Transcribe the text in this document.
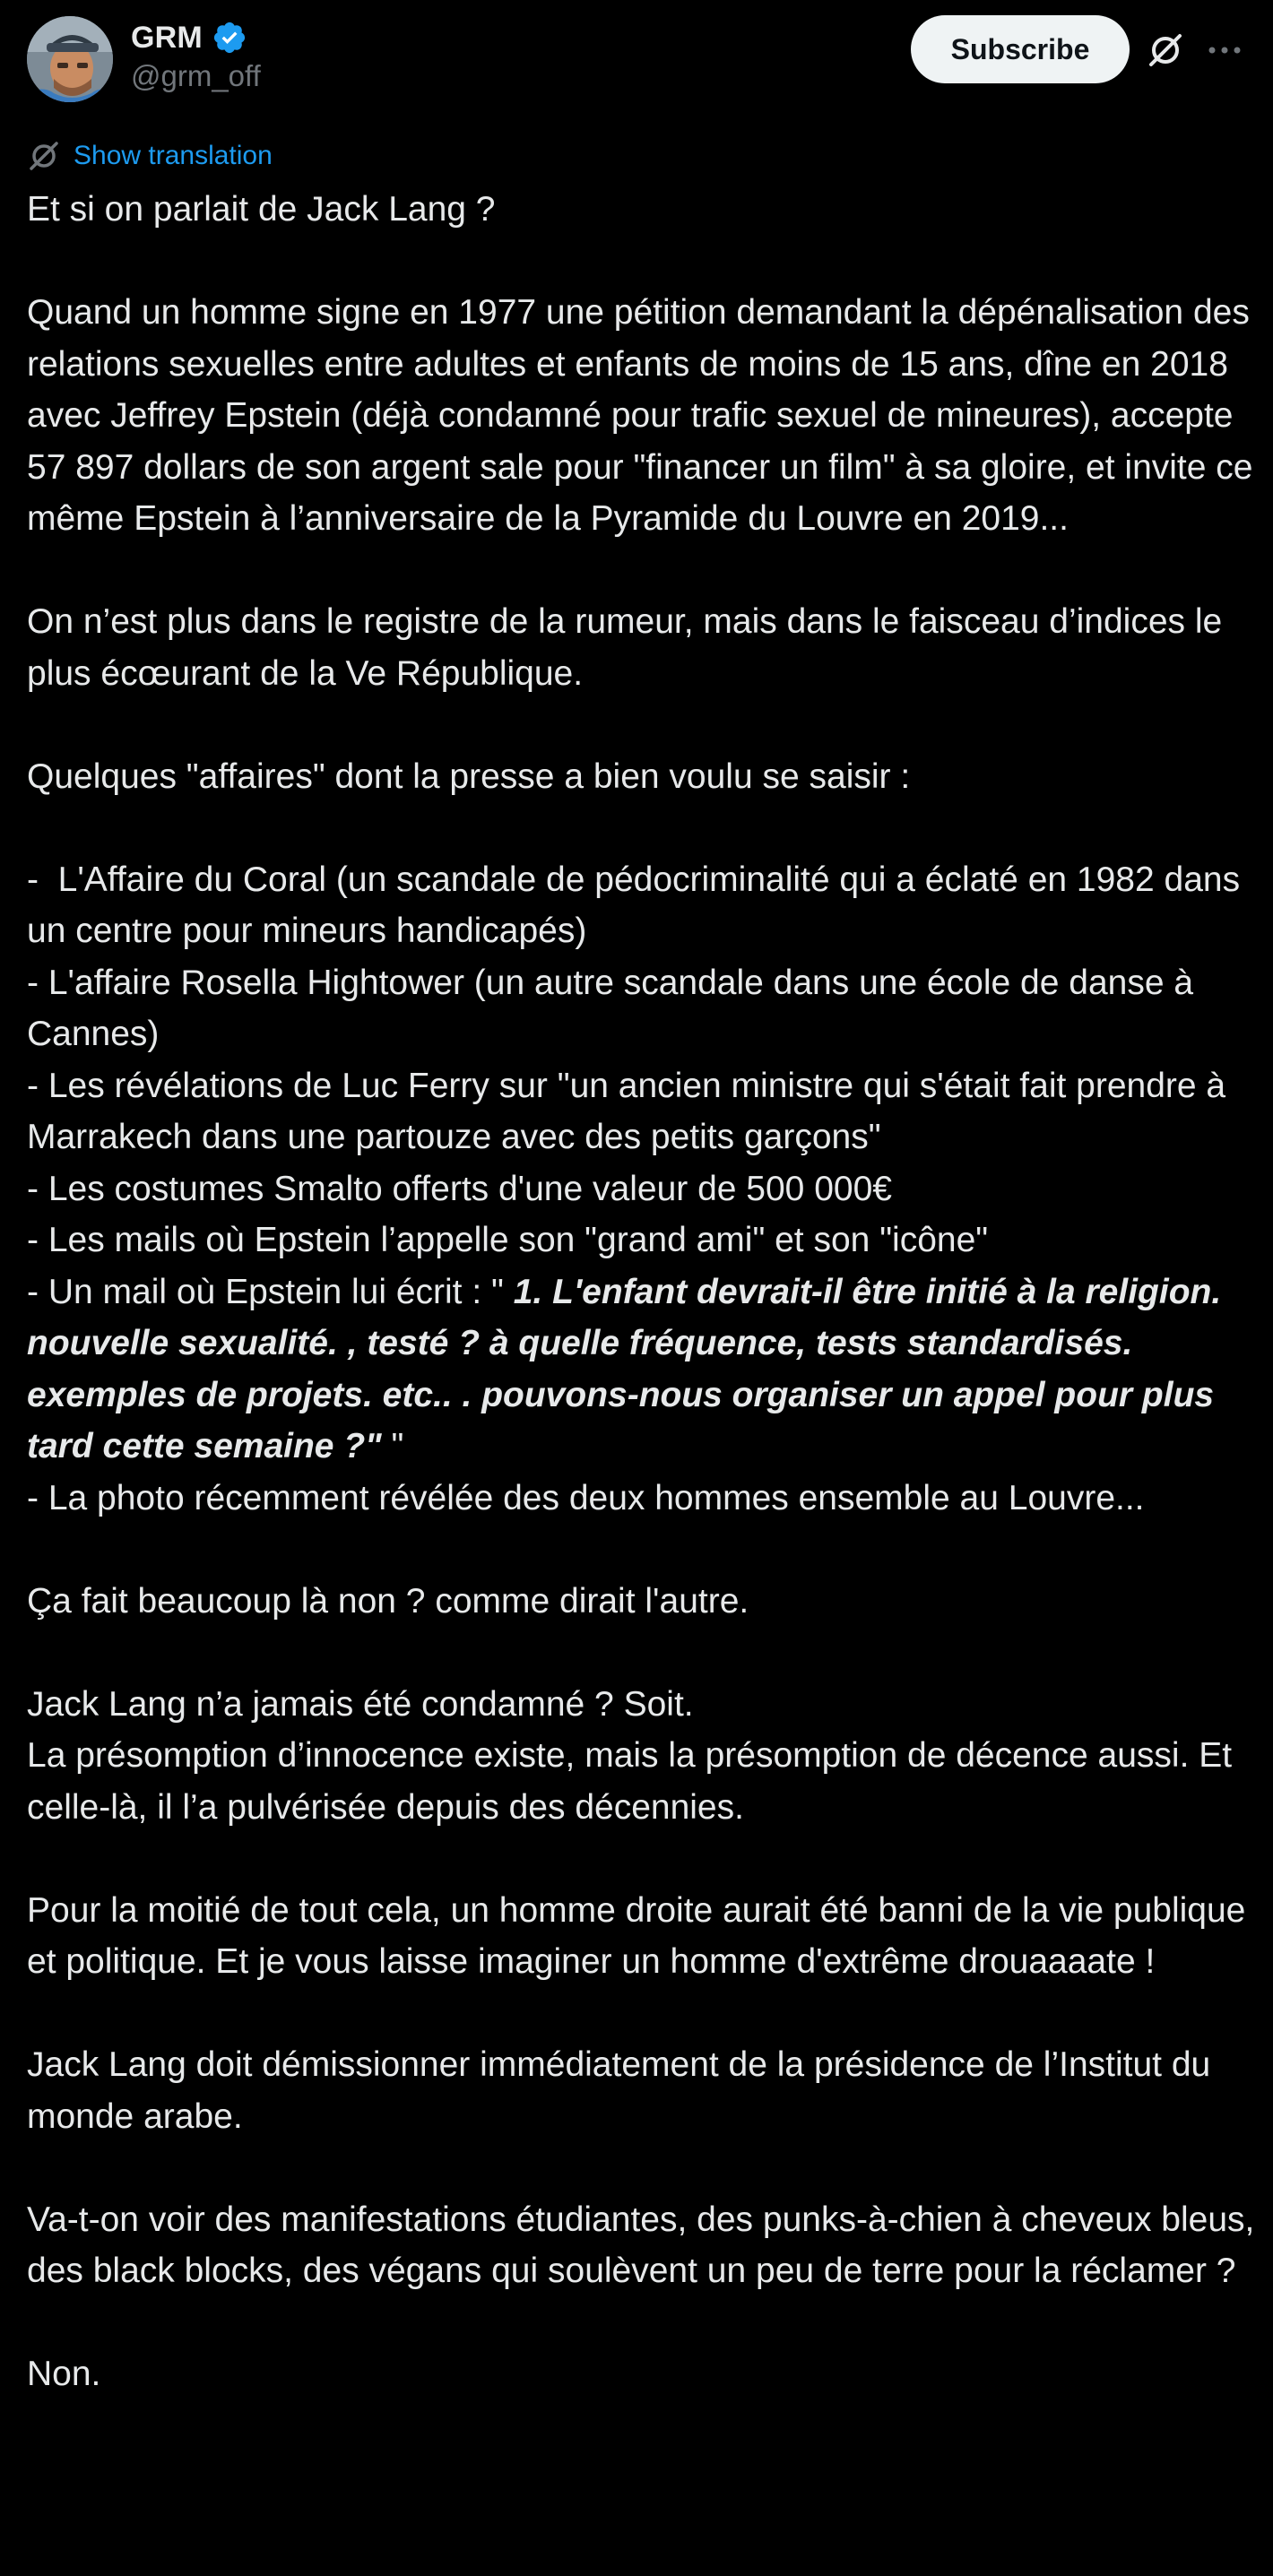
GRM
@grm_off
Subscribe
Show translation

Et si on parlait de Jack Lang ?

Quand un homme signe en 1977 une pétition demandant la dépénalisation des relations sexuelles entre adultes et enfants de moins de 15 ans, dîne en 2018 avec Jeffrey Epstein (déjà condamné pour trafic sexuel de mineures), accepte 57 897 dollars de son argent sale pour "financer un film" à sa gloire, et invite ce même Epstein à l’anniversaire de la Pyramide du Louvre en 2019...

On n’est plus dans le registre de la rumeur, mais dans le faisceau d’indices le plus écœurant de la Ve République.

Quelques "affaires" dont la presse a bien voulu se saisir :

-  L'Affaire du Coral (un scandale de pédocriminalité qui a éclaté en 1982 dans un centre pour mineurs handicapés)

- L'affaire Rosella Hightower (un autre scandale dans une école de danse à Cannes)

- Les révélations de Luc Ferry sur "un ancien ministre qui s'était fait prendre à Marrakech dans une partouze avec des petits garçons"

- Les costumes Smalto offerts d'une valeur de 500 000€

- Les mails où Epstein l’appelle son "grand ami" et son "icône"

- Un mail où Epstein lui écrit : " 1. L'enfant devrait-il être initié à la religion. nouvelle sexualité. , testé ? à quelle fréquence, tests standardisés. exemples de projets. etc.. . pouvons-nous organiser un appel pour plus tard cette semaine ?" "

- La photo récemment révélée des deux hommes ensemble au Louvre...

Ça fait beaucoup là non ? comme dirait l'autre.

Jack Lang n’a jamais été condamné ? Soit.

La présomption d’innocence existe, mais la présomption de décence aussi. Et celle-là, il l’a pulvérisée depuis des décennies.

Pour la moitié de tout cela, un homme droite aurait été banni de la vie publique et politique. Et je vous laisse imaginer un homme d'extrême drouaaaate !

Jack Lang doit démissionner immédiatement de la présidence de l’Institut du monde arabe.

Va-t-on voir des manifestations étudiantes, des punks-à-chien à cheveux bleus, des black blocks, des végans qui soulèvent un peu de terre pour la réclamer ?

Non.
